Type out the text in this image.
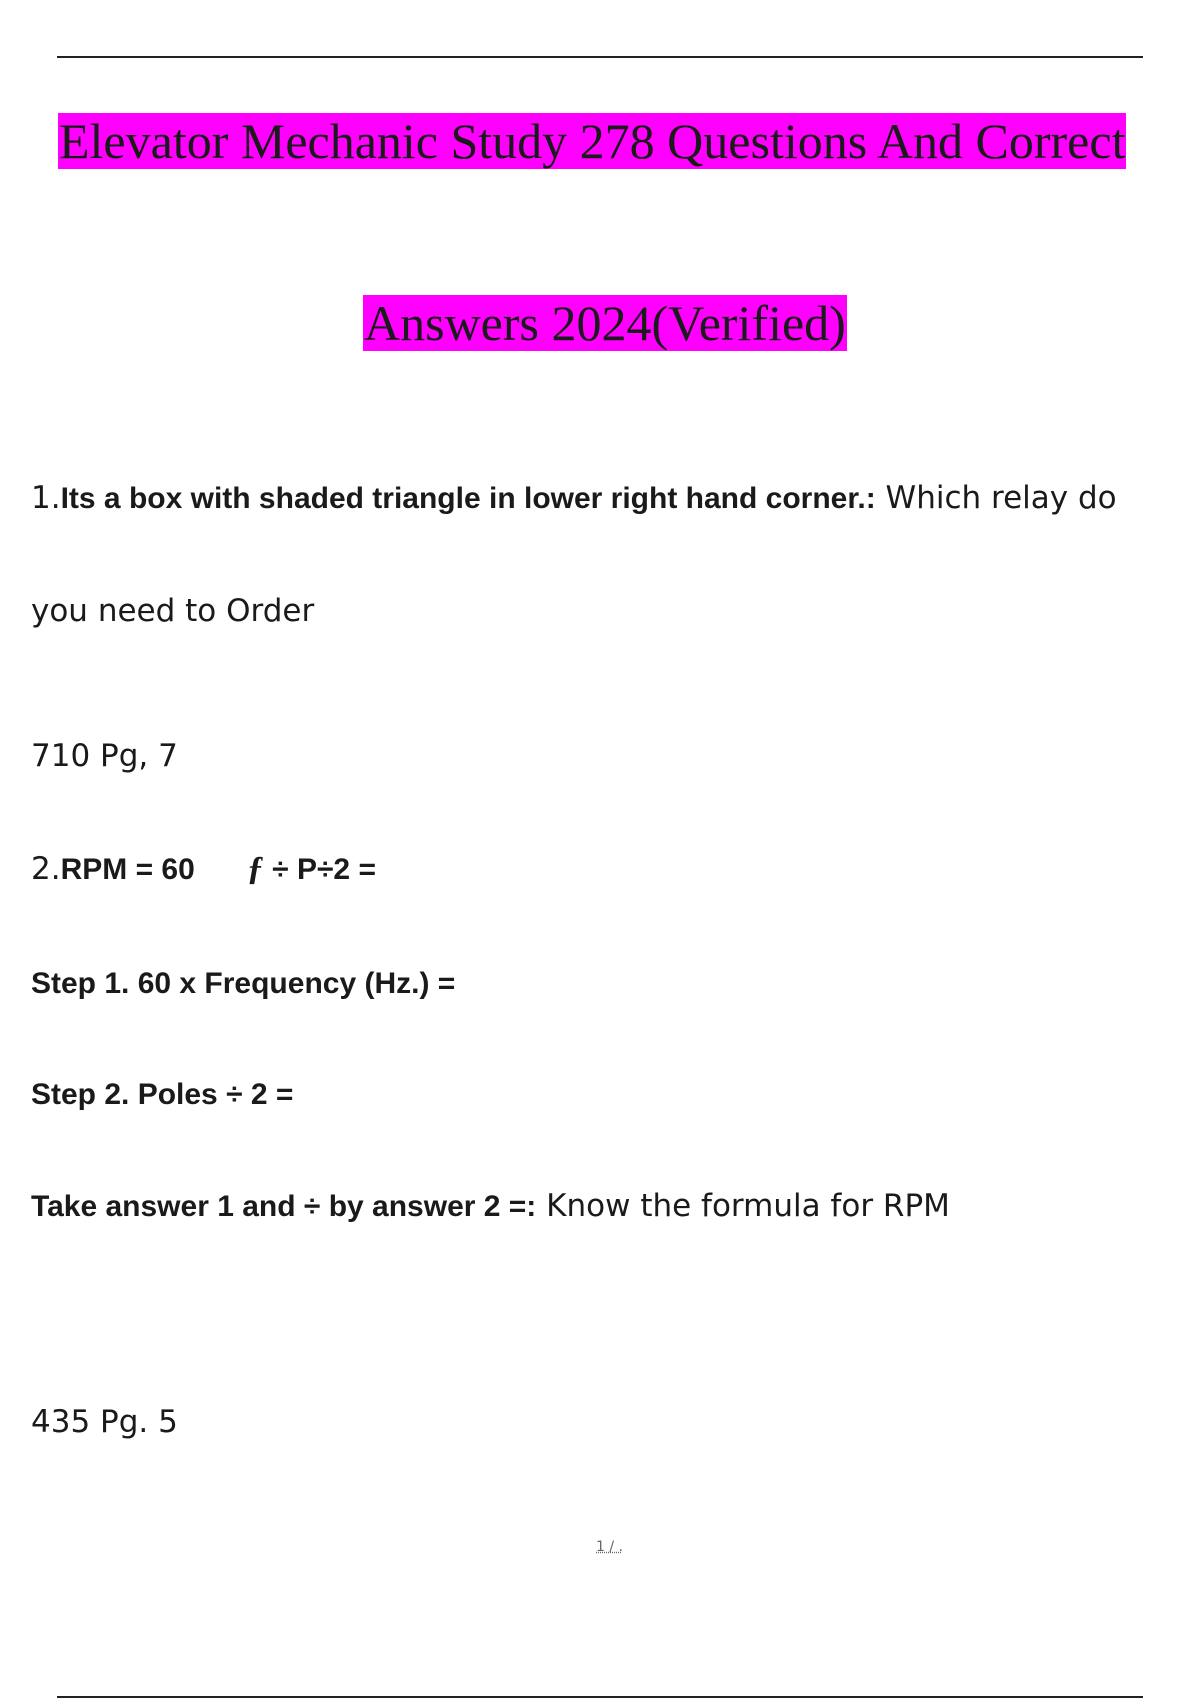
Elevator Mechanic Study 278 Questions And Correct
Answers 2024(Verified)
1.Its a box with shaded triangle in lower right hand corner.: Which relay do
you need to Order
710 Pg, 7
2.RPM = 60 ƒ ÷ P÷2 =
Step 1. 60 x Frequency (Hz.) =
Step 2. Poles ÷ 2 =
Take answer 1 and ÷ by answer 2 =: Know the formula for RPM
435 Pg. 5
1 / .
